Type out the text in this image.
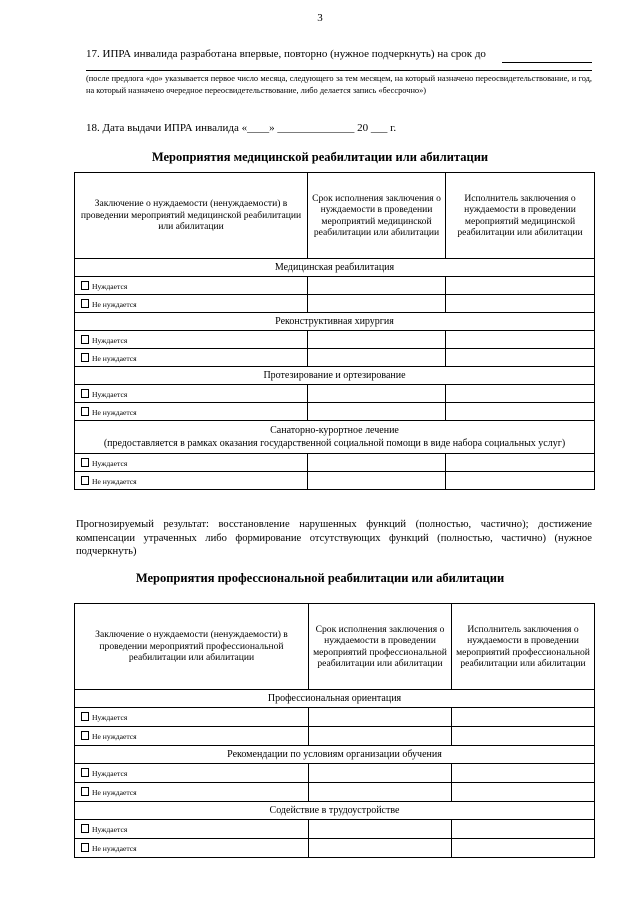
3
17. ИПРА инвалида разработана впервые, повторно (нужное подчеркнуть) на срок до
(после предлога «до» указывается первое число месяца, следующего за тем месяцем, на который назначено переосвидетельствование, и год, на который назначено очередное переосвидетельствование, либо делается запись «бессрочно»)
18. Дата выдачи ИПРА инвалида «____» ______________ 20 ___ г.
Мероприятия медицинской реабилитации или абилитации
Заключение о нуждаемости (ненуждаемости) в проведении мероприятий медицинской реабилитации или абилитации	Срок исполнения заключения о нуждаемости в проведении мероприятий медицинской реабилитации или абилитации	Исполнитель заключения о нуждаемости в проведении мероприятий медицинской реабилитации или абилитации
Медицинская реабилитация		
Нуждается		
Не нуждается		
Реконструктивная хирургия		
Нуждается		
Не нуждается		
Протезирование и ортезирование		
Нуждается		
Не нуждается		

Санаторно-курортное лечение
(предоставляется в рамках оказания государственной социальной помощи в виде набора социальных услуг)		

Нуждается		
Не нуждается		
Прогнозируемый результат: восстановление нарушенных функций (полностью, частично); достижение компенсации утраченных либо формирование отсутствующих функций (полностью, частично) (нужное подчеркнуть)
Мероприятия профессиональной реабилитации или абилитации
Заключение о нуждаемости (ненуждаемости) в проведении мероприятий профессиональной реабилитации или абилитации	Срок исполнения заключения о нуждаемости в проведении мероприятий профессиональной реабилитации или абилитации	Исполнитель заключения о нуждаемости в проведении мероприятий профессиональной реабилитации или абилитации
Профессиональная ориентация		
Нуждается		
Не нуждается		
Рекомендации по условиям организации обучения		
Нуждается		
Не нуждается		
Содействие в трудоустройстве		
Нуждается		
Не нуждается		
